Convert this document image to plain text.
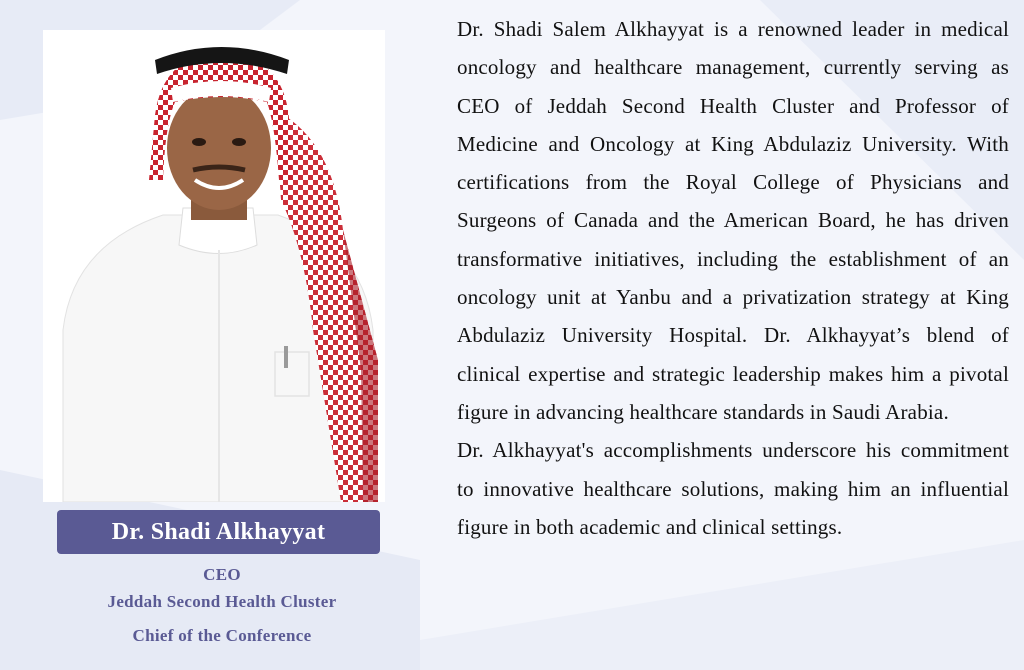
Dr. Shadi Alkhayyat
CEO
Jeddah Second Health Cluster
Chief of the Conference

Dr. Shadi Salem Alkhayyat is a renowned leader in medical oncology and healthcare management, currently serving as CEO of Jeddah Second Health Cluster and Professor of Medicine and Oncology at King Abdulaziz University. With certifications from the Royal College of Physicians and Surgeons of Canada and the American Board, he has driven transformative initiatives, including the establishment of an oncology unit at Yanbu and a privatization strategy at King Abdulaziz University Hospital. Dr. Alkhayyat’s blend of clinical expertise and strategic leadership makes him a pivotal figure in advancing healthcare standards in Saudi Arabia.

Dr. Alkhayyat's accomplishments underscore his commitment to innovative healthcare solutions, making him an influential figure in both academic and clinical settings.
